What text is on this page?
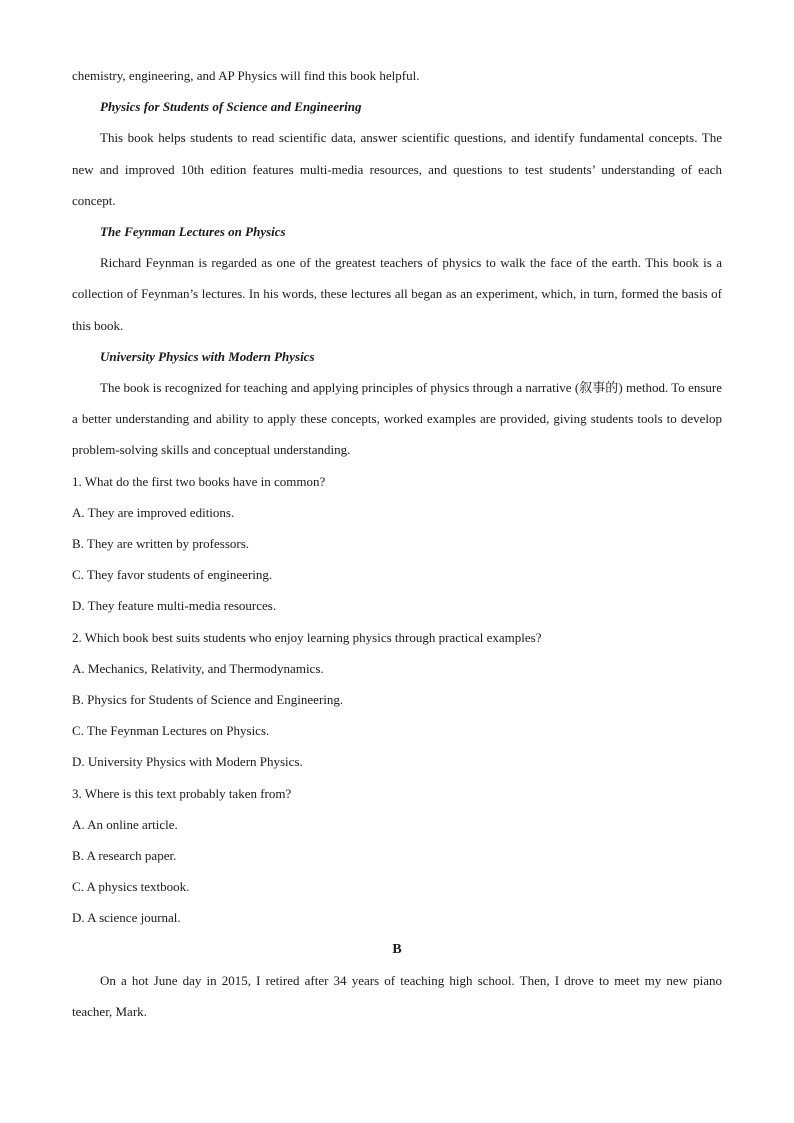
chemistry, engineering, and AP Physics will find this book helpful.

Physics for Students of Science and Engineering

This book helps students to read scientific data, answer scientific questions, and identify fundamental concepts. The new and improved 10th edition features multi-media resources, and questions to test students’ understanding of each concept.

The Feynman Lectures on Physics

Richard Feynman is regarded as one of the greatest teachers of physics to walk the face of the earth. This book is a collection of Feynman’s lectures. In his words, these lectures all began as an experiment, which, in turn, formed the basis of this book.

University Physics with Modern Physics

The book is recognized for teaching and applying principles of physics through a narrative (叙事的) method. To ensure a better understanding and ability to apply these concepts, worked examples are provided, giving students tools to develop problem-solving skills and conceptual understanding.

1. What do the first two books have in common?

A. They are improved editions.

B. They are written by professors.

C. They favor students of engineering.

D. They feature multi-media resources.

2. Which book best suits students who enjoy learning physics through practical examples?

A. Mechanics, Relativity, and Thermodynamics.

B. Physics for Students of Science and Engineering.

C. The Feynman Lectures on Physics.

D. University Physics with Modern Physics.

3. Where is this text probably taken from?

A. An online article.

B. A research paper.

C. A physics textbook.

D. A science journal.

B

On a hot June day in 2015, I retired after 34 years of teaching high school. Then, I drove to meet my new piano teacher, Mark.
